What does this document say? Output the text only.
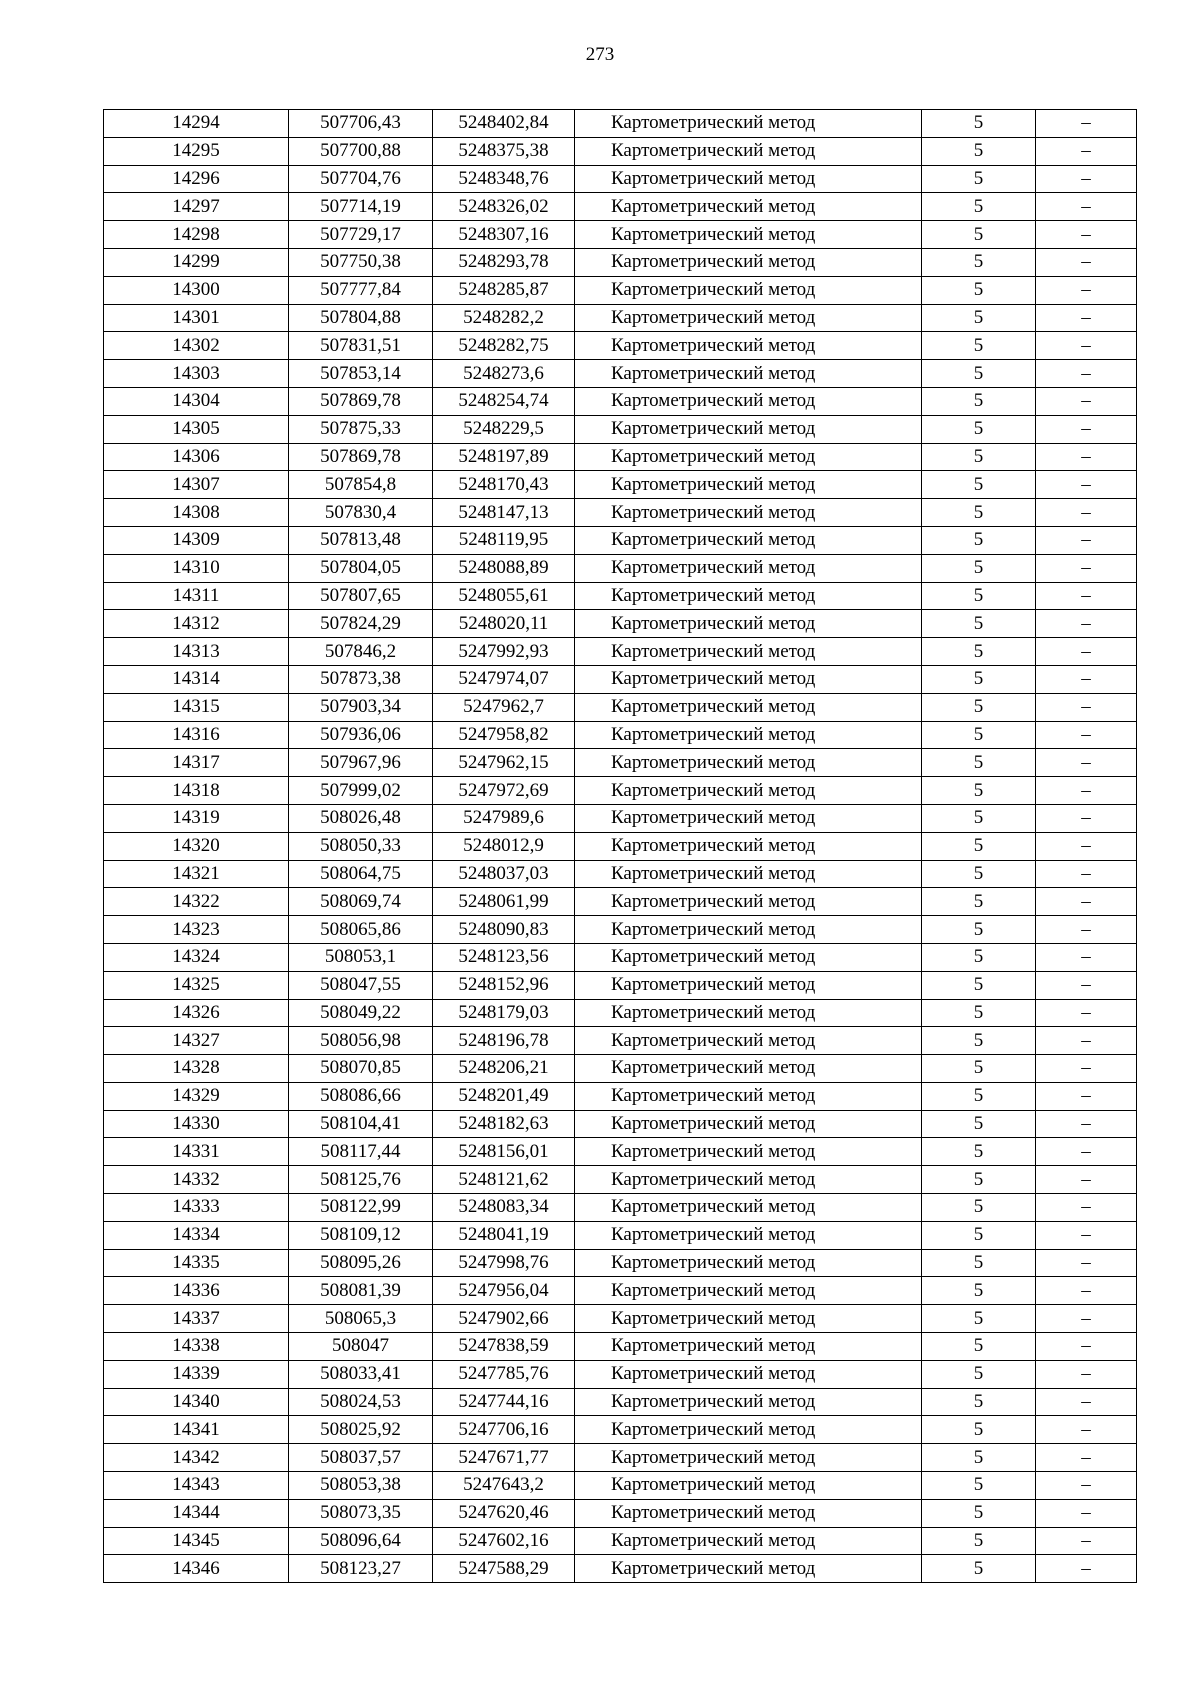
273
14294	507706,43	5248402,84	Картометрический метод	5	–
14295	507700,88	5248375,38	Картометрический метод	5	–
14296	507704,76	5248348,76	Картометрический метод	5	–
14297	507714,19	5248326,02	Картометрический метод	5	–
14298	507729,17	5248307,16	Картометрический метод	5	–
14299	507750,38	5248293,78	Картометрический метод	5	–
14300	507777,84	5248285,87	Картометрический метод	5	–
14301	507804,88	5248282,2	Картометрический метод	5	–
14302	507831,51	5248282,75	Картометрический метод	5	–
14303	507853,14	5248273,6	Картометрический метод	5	–
14304	507869,78	5248254,74	Картометрический метод	5	–
14305	507875,33	5248229,5	Картометрический метод	5	–
14306	507869,78	5248197,89	Картометрический метод	5	–
14307	507854,8	5248170,43	Картометрический метод	5	–
14308	507830,4	5248147,13	Картометрический метод	5	–
14309	507813,48	5248119,95	Картометрический метод	5	–
14310	507804,05	5248088,89	Картометрический метод	5	–
14311	507807,65	5248055,61	Картометрический метод	5	–
14312	507824,29	5248020,11	Картометрический метод	5	–
14313	507846,2	5247992,93	Картометрический метод	5	–
14314	507873,38	5247974,07	Картометрический метод	5	–
14315	507903,34	5247962,7	Картометрический метод	5	–
14316	507936,06	5247958,82	Картометрический метод	5	–
14317	507967,96	5247962,15	Картометрический метод	5	–
14318	507999,02	5247972,69	Картометрический метод	5	–
14319	508026,48	5247989,6	Картометрический метод	5	–
14320	508050,33	5248012,9	Картометрический метод	5	–
14321	508064,75	5248037,03	Картометрический метод	5	–
14322	508069,74	5248061,99	Картометрический метод	5	–
14323	508065,86	5248090,83	Картометрический метод	5	–
14324	508053,1	5248123,56	Картометрический метод	5	–
14325	508047,55	5248152,96	Картометрический метод	5	–
14326	508049,22	5248179,03	Картометрический метод	5	–
14327	508056,98	5248196,78	Картометрический метод	5	–
14328	508070,85	5248206,21	Картометрический метод	5	–
14329	508086,66	5248201,49	Картометрический метод	5	–
14330	508104,41	5248182,63	Картометрический метод	5	–
14331	508117,44	5248156,01	Картометрический метод	5	–
14332	508125,76	5248121,62	Картометрический метод	5	–
14333	508122,99	5248083,34	Картометрический метод	5	–
14334	508109,12	5248041,19	Картометрический метод	5	–
14335	508095,26	5247998,76	Картометрический метод	5	–
14336	508081,39	5247956,04	Картометрический метод	5	–
14337	508065,3	5247902,66	Картометрический метод	5	–
14338	508047	5247838,59	Картометрический метод	5	–
14339	508033,41	5247785,76	Картометрический метод	5	–
14340	508024,53	5247744,16	Картометрический метод	5	–
14341	508025,92	5247706,16	Картометрический метод	5	–
14342	508037,57	5247671,77	Картометрический метод	5	–
14343	508053,38	5247643,2	Картометрический метод	5	–
14344	508073,35	5247620,46	Картометрический метод	5	–
14345	508096,64	5247602,16	Картометрический метод	5	–
14346	508123,27	5247588,29	Картометрический метод	5	–
